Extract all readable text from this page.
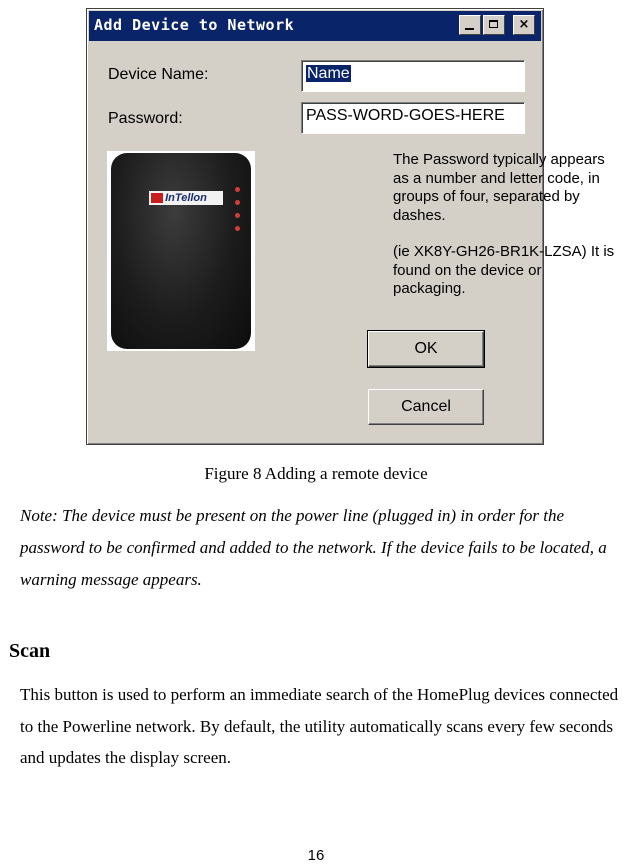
Add Device to Network	×
Device Name:	Name
Password:	PASS-WORD-GOES-HERE
InTellon

The Password typically appears as a number and letter code, in groups of four, separated by dashes.

(ie XK8Y-GH26-BR1K-LZSA) It is found on the device or packaging.

OK
Cancel
Figure 8 Adding a remote device
Note: The device must be present on the power line (plugged in) in order for the password to be confirmed and added to the network. If the device fails to be located, a warning message appears.
Scan
This button is used to perform an immediate search of the HomePlug devices connected to the Powerline network. By default, the utility automatically scans every few seconds and updates the display screen.
16
